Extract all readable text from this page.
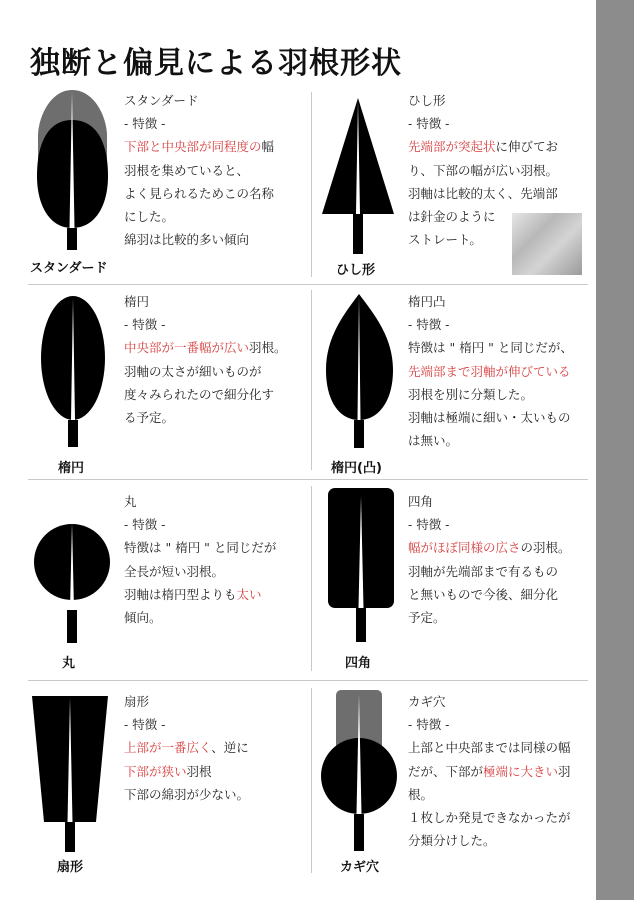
独断と偏見による羽根形状
スタンダード	ひし形
楕円	楕円(凸)
丸	四角
扇形	カギ穴
スタンダード
- 特徴 -
下部と中央部が同程度の幅
羽根を集めていると、
よく見られるためこの名称
にした。
綿羽は比較的多い傾向
ひし形
- 特徴 -
先端部が突起状に伸びてお
り、下部の幅が広い羽根。
羽軸は比較的太く、先端部
は針金のように
ストレート。
楕円
- 特徴 -
中央部が一番幅が広い羽根。
羽軸の太さが細いものが
度々みられたので細分化す
る予定。
楕円凸
- 特徴 -
特徴は " 楕円 " と同じだが、
先端部まで羽軸が伸びている
羽根を別に分類した。
羽軸は極端に細い・太いもの
は無い。
丸
- 特徴 -
特徴は " 楕円 " と同じだが
全長が短い羽根。
羽軸は楕円型よりも太い
傾向。
四角
- 特徴 -
幅がほぼ同様の広さの羽根。
羽軸が先端部まで有るもの
と無いもので今後、細分化
予定。
扇形
- 特徴 -
上部が一番広く、逆に
下部が狭い羽根
下部の綿羽が少ない。
カギ穴
- 特徴 -
上部と中央部までは同様の幅
だが、下部が極端に大きい羽
根。
１枚しか発見できなかったが
分類分けした。
